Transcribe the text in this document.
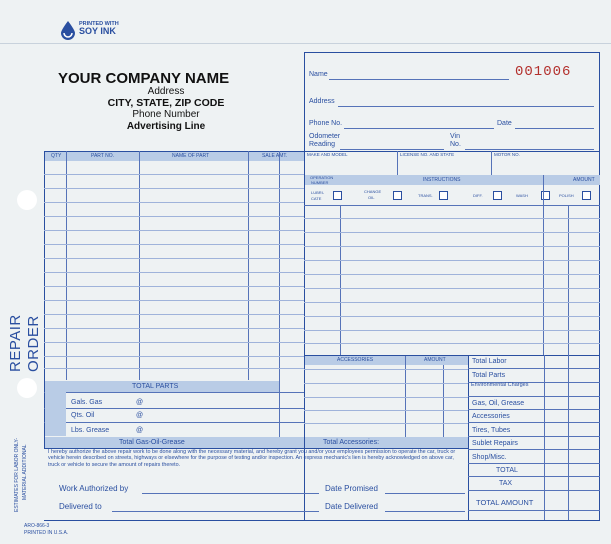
PRINTED WITH
SOY INK
YOUR COMPANY NAME
Address
CITY, STATE, ZIP CODE
Phone Number
Advertising Line
Name	001006
Address
Phone No.	Date
Odometer
Reading
Vin
No.
MAKE AND MODEL	LICENSE NO. AND STATE	MOTOR NO.
OPERATION
NUMBER	INSTRUCTIONS	AMOUNT
LUBRI-
CATE
CHANGE
OIL	TRANS.	DIFF.	WASH	POLISH
ACCESSORIES	AMOUNT	Total Labor
Total Parts
Environmental Charges
Gas, Oil, Grease
Accessories
Tires, Tubes
Sublet Repairs
Shop/Misc.
TOTAL
TAX
TOTAL AMOUNT
QTY	PART NO.	NAME OF PART	SALE AMT.
TOTAL PARTS
Gals. Gas	@
Qts. Oil	@
Lbs. Grease	@
Total Gas-Oil-Grease	Total Accessories:
I hereby authorize the above repair work to be done along with the necessary material, and hereby grant you and/or your employees permission to operate the car, truck or vehicle herein described on streets, highways or elsewhere for the purpose of testing and/or inspection. An express mechanic's lien is hereby acknowledged on above car, truck or vehicle to secure the amount of repairs thereto.
Work Authorized by	Date Promised
Delivered to	Date Delivered
REPAIR ORDER
ESTIMATES FOR LABOR ONLY- MATERIAL ADDITIONAL
ARO-866-3
PRINTED IN U.S.A.
